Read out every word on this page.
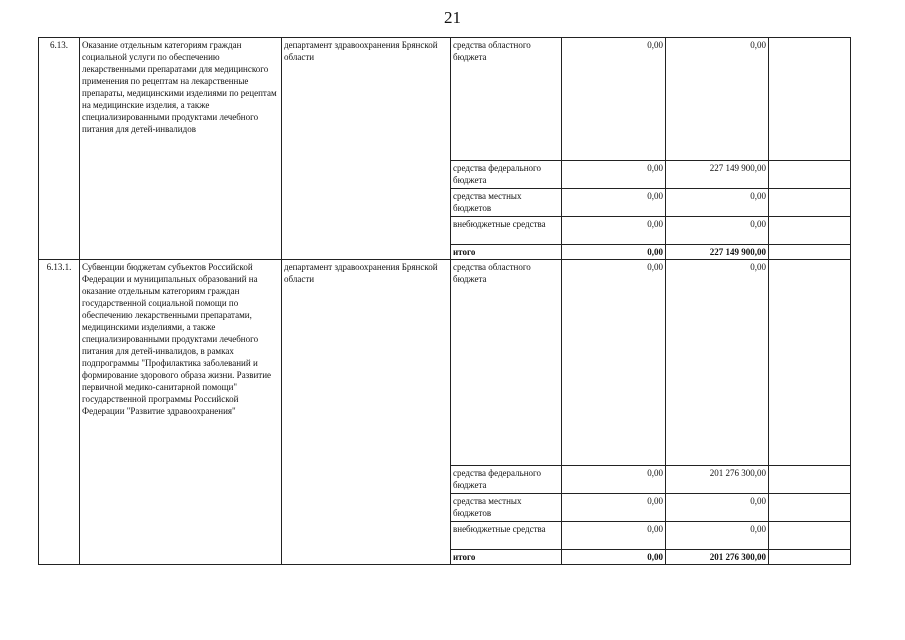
21
6.13.	Оказание отдельным категориям граждан социальной услуги по обеспечению лекарственными препаратами для медицинского применения по рецептам на лекарственные препараты, медицинскими изделиями по рецептам на медицинские изделия, а также специализированными продуктами лечебного питания для детей-инвалидов	департамент здравоохранения Брянской области	средства областного бюджета	0,00	0,00	
			средства федерального бюджета	0,00	227 149 900,00	
			средства местных бюджетов	0,00	0,00	
			внебюджетные средства	0,00	0,00	
			итого	0,00	227 149 900,00	
6.13.1.	Субвенции бюджетам субъектов Российской Федерации и муниципальных образований на оказание отдельным категориям граждан государственной социальной помощи по обеспечению лекарственными препаратами, медицинскими изделиями, а также специализированными продуктами лечебного питания для детей-инвалидов, в рамках подпрограммы "Профилактика заболеваний и формирование здорового образа жизни. Развитие первичной медико-санитарной помощи" государственной программы Российской Федерации "Развитие здравоохранения"	департамент здравоохранения Брянской области	средства областного бюджета	0,00	0,00	
			средства федерального бюджета	0,00	201 276 300,00	
			средства местных бюджетов	0,00	0,00	
			внебюджетные средства	0,00	0,00	
			итого	0,00	201 276 300,00	
